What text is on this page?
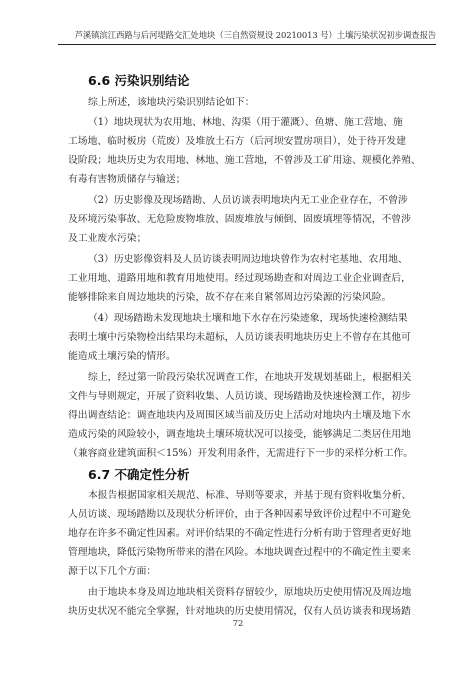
芦溪镇滨江西路与后河堤路交汇处地块（三自然资规设 20210013 号）土壤污染状况初步调查报告
6.6 污染识别结论
综上所述，该地块污染识别结论如下：
（1）地块现状为农用地、林地、沟渠（用于灌溉）、鱼塘、施工营地、施
工场地、临时板房（荒废）及堆放土石方（后河坝安置房项目），处于待开发建
设阶段；地块历史为农用地、林地、施工营地，不曾涉及工矿用途、规模化养殖、
有毒有害物质储存与输送；
（2）历史影像及现场踏勘、人员访谈表明地块内无工业企业存在，不曾涉
及环境污染事故、无危险废物堆放、固废堆放与倾倒、固废填埋等情况，不曾涉
及工业废水污染；
（3）历史影像资料及人员访谈表明周边地块曾作为农村宅基地、农用地、
工业用地、道路用地和教育用地使用。经过现场勘查和对周边工业企业调查后，
能够排除来自周边地块的污染，故不存在来自紧邻周边污染源的污染风险。
（4）现场踏勘未发现地块土壤和地下水存在污染迹象，现场快速检测结果
表明土壤中污染物检出结果均未超标，人员访谈表明地块历史上不曾存在其他可
能造成土壤污染的情形。
综上，经过第一阶段污染状况调查工作，在地块开发规划基础上，根据相关
文件与导则规定，开展了资料收集、人员访谈、现场踏勘及快速检测工作，初步
得出调查结论：调查地块内及周围区域当前及历史上活动对地块内土壤及地下水
造成污染的风险较小，调查地块土壤环境状况可以接受，能够满足二类居住用地
（兼容商业建筑面积＜15%）开发利用条件，无需进行下一步的采样分析工作。
6.7 不确定性分析
本报告根据国家相关规范、标准、导则等要求，并基于现有资料收集分析、
人员访谈、现场踏勘以及现状分析评价，由于各种因素导致评价过程中不可避免
地存在许多不确定性因素。对评价结果的不确定性进行分析有助于管理者更好地
管理地块，降低污染物所带来的潜在风险。本地块调查过程中的不确定性主要来
源于以下几个方面：
由于地块本身及周边地块相关资料存留较少，原地块历史使用情况及周边地
块历史状况不能完全掌握，针对地块的历史使用情况，仅有人员访谈表和现场踏
72
